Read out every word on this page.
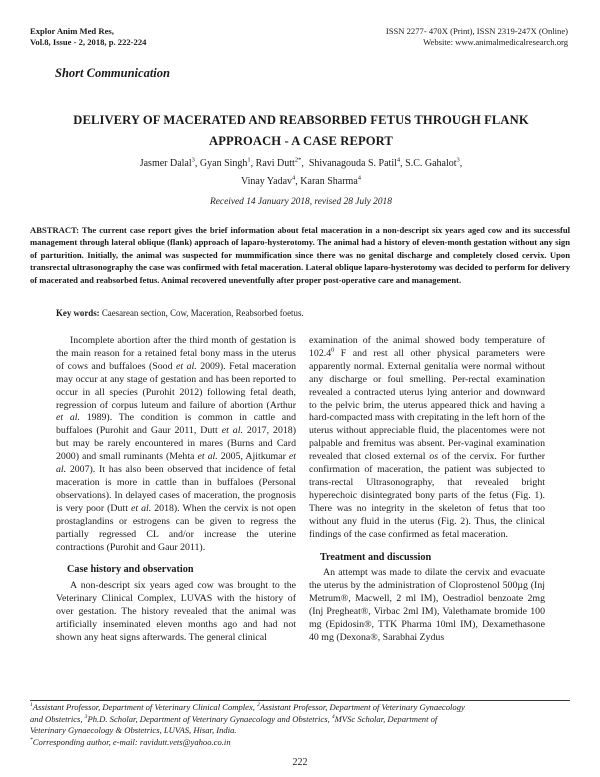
Explor Anim Med Res,
Vol.8, Issue - 2, 2018, p. 222-224
ISSN 2277- 470X (Print), ISSN 2319-247X (Online)
Website: www.animalmedicalresearch.org
Short Communication
DELIVERY OF MACERATED AND REABSORBED FETUS THROUGH FLANK
APPROACH - A CASE REPORT
Jasmer Dalal$^3$, Gyan Singh$^1$, Ravi Dutt$^{2*}$,  Shivanagouda S. Patil$^4$, S.C. Gahalot$^3$,
Vinay Yadav$^4$, Karan Sharma$^4$
Received 14 January 2018, revised 28 July 2018
ABSTRACT: The current case report gives the brief information about fetal maceration in a non-descript six years aged cow and its successful management through lateral oblique (flank) approach of laparo-hysterotomy. The animal had a history of eleven-month gestation without any sign of parturition. Initially, the animal was suspected for mummification since there was no genital discharge and completely closed cervix. Upon transrectal ultrasonography the case was confirmed with fetal maceration. Lateral oblique laparo-hysterotomy was decided to perform for delivery of macerated and reabsorbed fetus. Animal recovered uneventfully after proper post-operative care and management.
Key words: Caesarean section, Cow, Maceration, Reabsorbed foetus.

Incomplete abortion after the third month of gestation is the main reason for a retained fetal bony mass in the uterus of cows and buffaloes (Sood et al. 2009). Fetal maceration may occur at any stage of gestation and has been reported to occur in all species (Purohit 2012) following fetal death, regression of corpus luteum and failure of abortion (Arthur et al. 1989). The condition is common in cattle and buffaloes (Purohit and Gaur 2011, Dutt et al. 2017, 2018) but may be rarely encountered in mares (Burns and Card 2000) and small ruminants (Mehta et al. 2005, Ajitkumar et al. 2007). It has also been observed that incidence of fetal maceration is more in cattle than in buffaloes (Personal observations). In delayed cases of maceration, the prognosis is very poor (Dutt et al. 2018). When the cervix is not open prostaglandins or estrogens can be given to regress the partially regressed CL and/or increase the uterine contractions (Purohit and Gaur 2011).

Case history and observation

A non-descript six years aged cow was brought to the Veterinary Clinical Complex, LUVAS with the history of over gestation. The history revealed that the animal was artificially inseminated eleven months ago and had not shown any heat signs afterwards. The general clinical

examination of the animal showed body temperature of 102.4$^0$ F and rest all other physical parameters were apparently normal. External genitalia were normal without any discharge or foul smelling. Per-rectal examination revealed a contracted uterus lying anterior and downward to the pelvic brim, the uterus appeared thick and having a hard-compacted mass with crepitating in the left horn of the uterus without appreciable fluid, the placentomes were not palpable and fremitus was absent. Per-vaginal examination revealed that closed external os of the cervix. For further confirmation of maceration, the patient was subjected to trans-rectal Ultrasonography, that revealed bright hyperechoic disintegrated bony parts of the fetus (Fig. 1). There was no integrity in the skeleton of fetus that too without any fluid in the uterus (Fig. 2). Thus, the clinical findings of the case confirmed as fetal maceration.

Treatment and discussion

An attempt was made to dilate the cervix and evacuate the uterus by the administration of Cloprostenol 500µg (Inj Metrum®, Macwell, 2 ml IM), Oestradiol benzoate 2mg (Inj Pregheat®, Virbac 2ml IM), Valethamate bromide 100 mg (Epidosin®, TTK Pharma 10ml IM), Dexamethasone 40 mg (Dexona®, Sarabhai Zydus

$^1$Assistant Professor, Department of Veterinary Clinical Complex, $^2$Assistant Professor, Department of Veterinary Gynaecology
and Obstetrics, $^3$Ph.D. Scholar, Department of Veterinary Gynaecology and Obstetrics, $^4$MVSc Scholar, Department of
Veterinary Gynaecology & Obstetrics, LUVAS, Hisar, India.
*Corresponding author, e-mail: ravidutt.vets@yahoo.co.in
222
